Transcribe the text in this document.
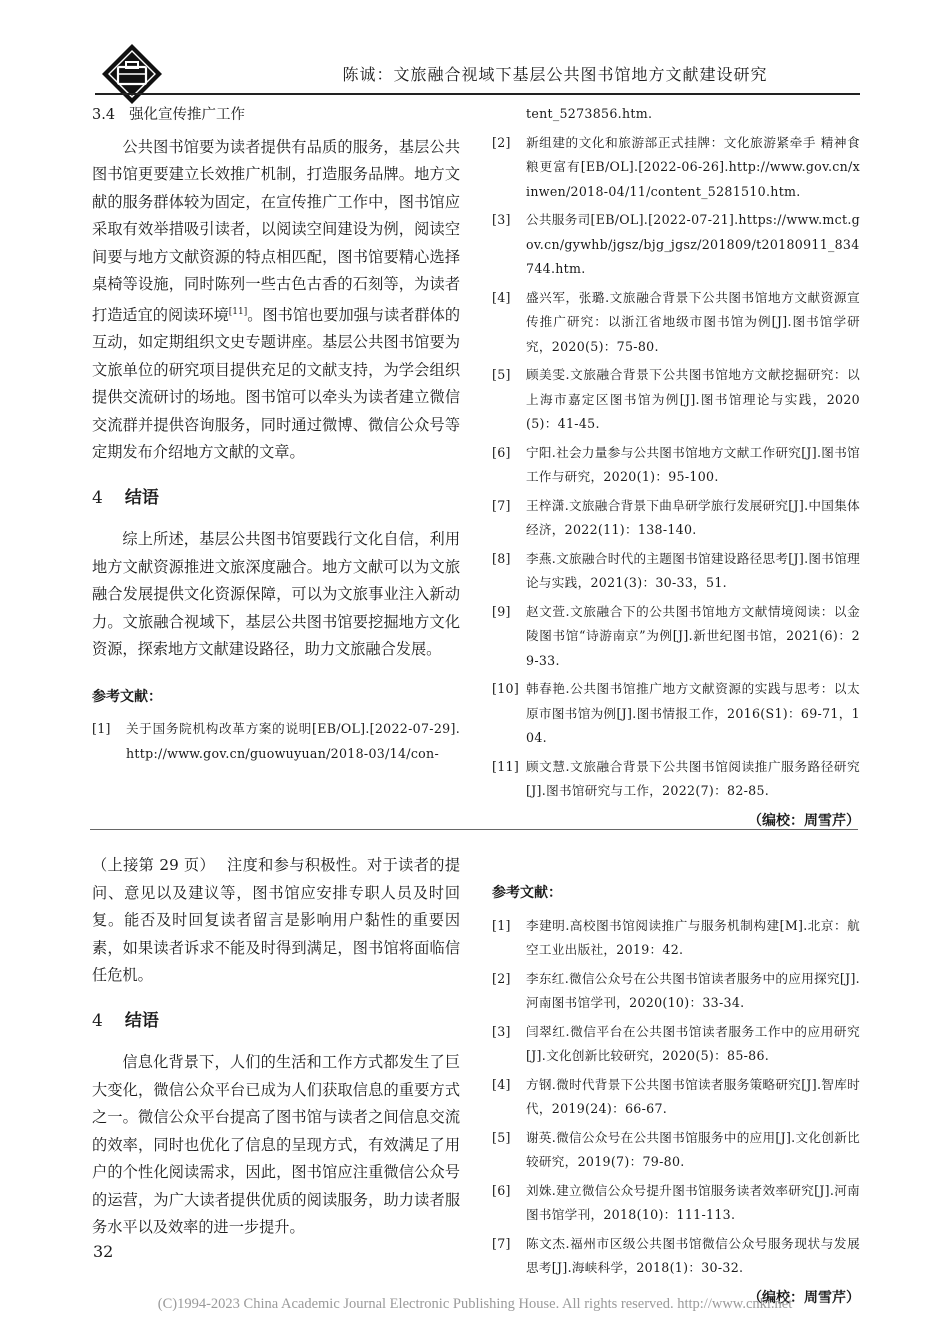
陈诚：文旅融合视域下基层公共图书馆地方文献建设研究
3.4 强化宣传推广工作

公共图书馆要为读者提供有品质的服务，基层公共图书馆更要建立长效推广机制，打造服务品牌。地方文献的服务群体较为固定，在宣传推广工作中，图书馆应采取有效举措吸引读者，以阅读空间建设为例，阅读空间要与地方文献资源的特点相匹配，图书馆要精心选择桌椅等设施，同时陈列一些古色古香的石刻等，为读者打造适宜的阅读环境[11]。图书馆也要加强与读者群体的互动，如定期组织文史专题讲座。基层公共图书馆要为文旅单位的研究项目提供充足的文献支持，为学会组织提供交流研讨的场地。图书馆可以牵头为读者建立微信交流群并提供咨询服务，同时通过微博、微信公众号等定期发布介绍地方文献的文章。

4 结语

综上所述，基层公共图书馆要践行文化自信，利用地方文献资源推进文旅深度融合。地方文献可以为文旅融合发展提供文化资源保障，可以为文旅事业注入新动力。文旅融合视域下，基层公共图书馆要挖掘地方文化资源，探索地方文献建设路径，助力文旅融合发展。

参考文献：
[1]	关于国务院机构改革方案的说明[EB/OL].[2022-07-29].http://www.gov.cn/guowuyuan/2018-03/14/con-
tent_5273856.htm.
[2]	新组建的文化和旅游部正式挂牌：文化旅游紧牵手 精神食粮更富有[EB/OL].[2022-06-26].http://www.gov.cn/xinwen/2018-04/11/content_5281510.htm.
[3]	公共服务司[EB/OL].[2022-07-21].https://www.mct.gov.cn/gywhb/jgsz/bjg_jgsz/201809/t20180911_834744.htm.
[4]	盛兴军，张璐.文旅融合背景下公共图书馆地方文献资源宣传推广研究：以浙江省地级市图书馆为例[J].图书馆学研究，2020(5)：75-80.
[5]	顾美雯.文旅融合背景下公共图书馆地方文献挖掘研究：以上海市嘉定区图书馆为例[J].图书馆理论与实践，2020(5)：41-45.
[6]	宁阳.社会力量参与公共图书馆地方文献工作研究[J].图书馆工作与研究，2020(1)：95-100.
[7]	王梓潇.文旅融合背景下曲阜研学旅行发展研究[J].中国集体经济，2022(11)：138-140.
[8]	李燕.文旅融合时代的主题图书馆建设路径思考[J].图书馆理论与实践，2021(3)：30-33，51.
[9]	赵文萱.文旅融合下的公共图书馆地方文献情境阅读：以金陵图书馆“诗游南京”为例[J].新世纪图书馆，2021(6)：29-33.
[10] 韩春艳.公共图书馆推广地方文献资源的实践与思考：以太原市图书馆为例[J].图书情报工作，2016(S1)：69-71，104.
[11] 顾文慧.文旅融合背景下公共图书馆阅读推广服务路径研究[J].图书馆研究与工作，2022(7)：82-85.
（编校：周雪芹）

（上接第 29 页） 注度和参与积极性。对于读者的提问、意见以及建议等，图书馆应安排专职人员及时回复。能否及时回复读者留言是影响用户黏性的重要因素，如果读者诉求不能及时得到满足，图书馆将面临信任危机。

4 结语

信息化背景下，人们的生活和工作方式都发生了巨大变化，微信公众平台已成为人们获取信息的重要方式之一。微信公众平台提高了图书馆与读者之间信息交流的效率，同时也优化了信息的呈现方式，有效满足了用户的个性化阅读需求，因此，图书馆应注重微信公众号的运营，为广大读者提供优质的阅读服务，助力读者服务水平以及效率的进一步提升。

参考文献：
[1]	李建明.高校图书馆阅读推广与服务机制构建[M].北京：航空工业出版社，2019：42.
[2]	李东红.微信公众号在公共图书馆读者服务中的应用探究[J].河南图书馆学刊，2020(10)：33-34.
[3]	闫翠红.微信平台在公共图书馆读者服务工作中的应用研究[J].文化创新比较研究，2020(5)：85-86.
[4]	方钢.微时代背景下公共图书馆读者服务策略研究[J].智库时代，2019(24)：66-67.
[5]	谢英.微信公众号在公共图书馆服务中的应用[J].文化创新比较研究，2019(7)：79-80.
[6]	刘姝.建立微信公众号提升图书馆服务读者效率研究[J].河南图书馆学刊，2018(10)：111-113.
[7]	陈文杰.福州市区级公共图书馆微信公众号服务现状与发展思考[J].海峡科学，2018(1)：30-32.
（编校：周雪芹）
32
(C)1994-2023 China Academic Journal Electronic Publishing House. All rights reserved. http://www.cnki.net
